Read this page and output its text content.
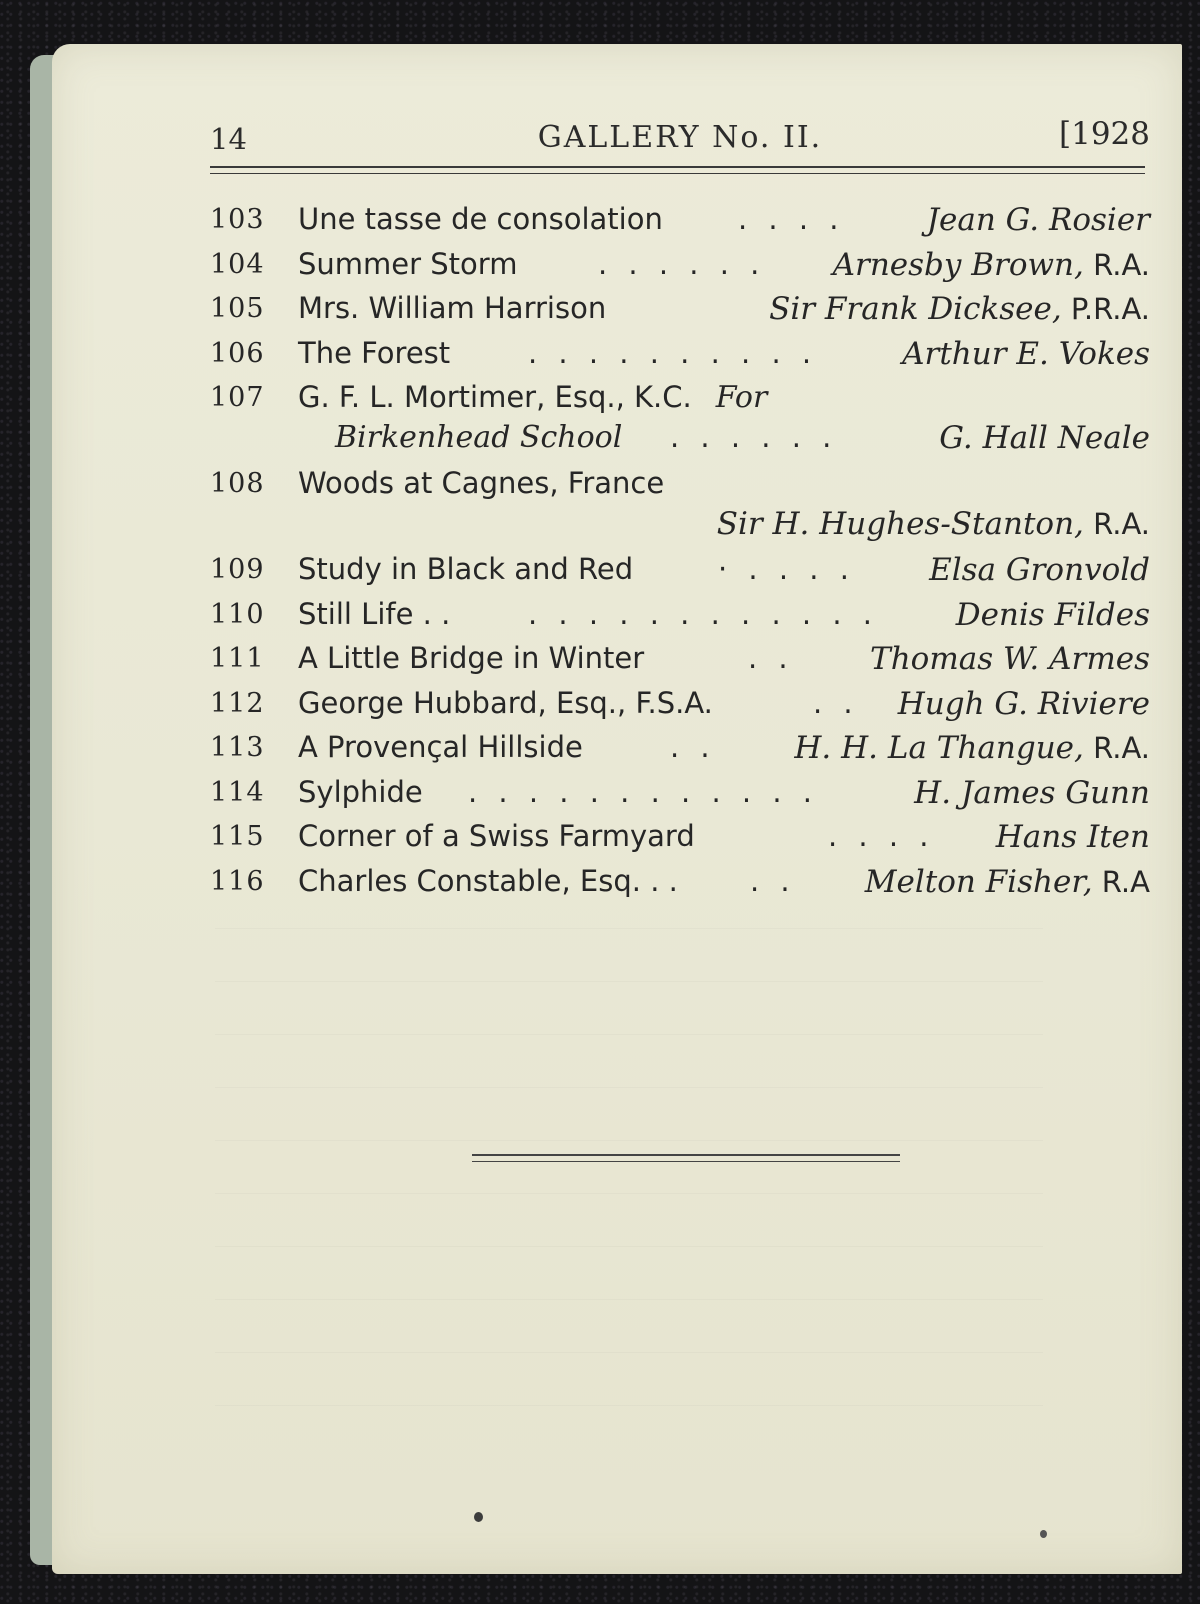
14	GALLERY No. II.	[1928
103 Une tasse de consolation	. . . .	Jean G. Rosier
104 Summer Storm	. . . . . . Arnesby Brown, R.A.
105 Mrs. William Harrison	Sir Frank Dicksee, P.R.A.
106 The Forest	. . . . . . . . . .	Arthur E. Vokes
107 G. F. L. Mortimer, Esq., K.C. For
Birkenhead School . . . . . .	G. Hall Neale
108 Woods at Cagnes, France
Sir H. Hughes-Stanton, R.A.
109 Study in Black and Red	· . . . . Elsa Gronvold
110 Still Life . .	. . . . . . . . . . . .	Denis Fildes
111 A Little Bridge in Winter	. . Thomas W. Armes
112 George Hubbard, Esq., F.S.A.	. . Hugh G. Riviere
113 A Provençal Hillside	. .	H. H. La Thangue, R.A.
114 Sylphide . . . . . . . . . . . .	H. James Gunn
115 Corner of a Swiss Farmyard	. . . . Hans Iten
116 Charles Constable, Esq. . . . . Melton Fisher, R.A
